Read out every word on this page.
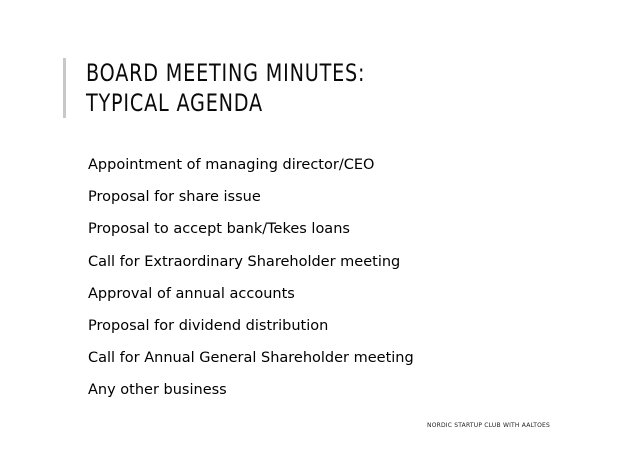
BOARD MEETING MINUTES:
TYPICAL AGENDA
Appointment of managing director/CEO
Proposal for share issue
Proposal to accept bank/Tekes loans
Call for Extraordinary Shareholder meeting
Approval of annual accounts
Proposal for dividend distribution
Call for Annual General Shareholder meeting
Any other business
NORDIC STARTUP CLUB WITH AALTOES
